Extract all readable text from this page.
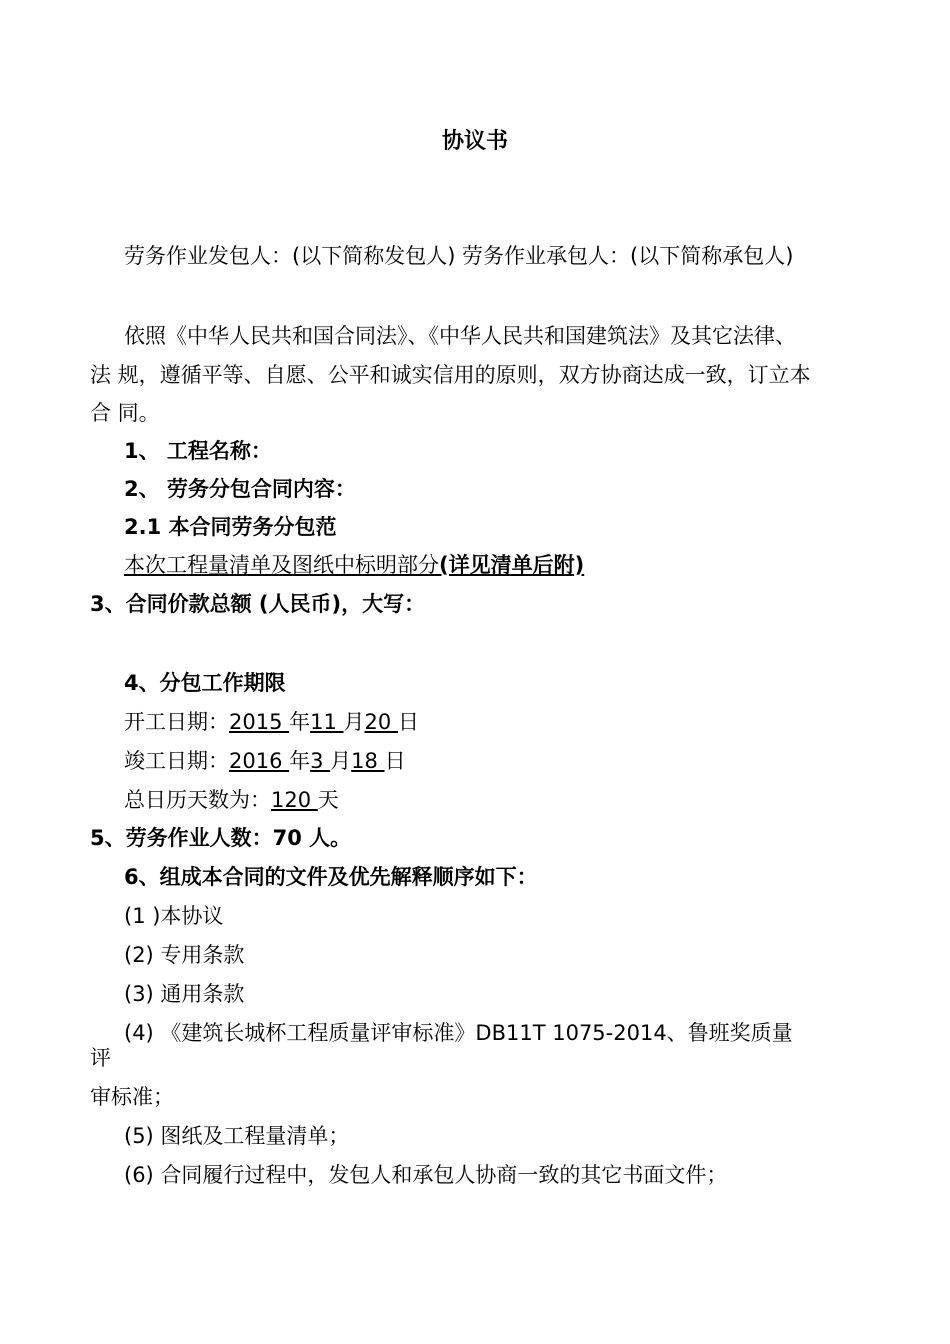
协议书
劳务作业发包人：(以下简称发包人) 劳务作业承包人：(以下简称承包人)
依照《中华人民共和国合同法》、《中华人民共和国建筑法》及其它法律、
法 规，遵循平等、自愿、公平和诚实信用的原则，双方协商达成一致，订立本
合 同。
1、 工程名称：
2、 劳务分包合同内容：
2.1 本合同劳务分包范
本次工程量清单及图纸中标明部分(详见清单后附)
3、合同价款总额 (人民币)，大写：
4、分包工作期限
开工日期：2015 年11 月20 日
竣工日期：2016 年3 月18 日
总日历天数为：120 天
5、劳务作业人数：70 人。
6、组成本合同的文件及优先解释顺序如下：
(1 )本协议
(2) 专用条款
(3) 通用条款
(4) 《建筑长城杯工程质量评审标准》DB11T 1075-2014、鲁班奖质量
评
审标准；
(5) 图纸及工程量清单；
(6) 合同履行过程中，发包人和承包人协商一致的其它书面文件；
